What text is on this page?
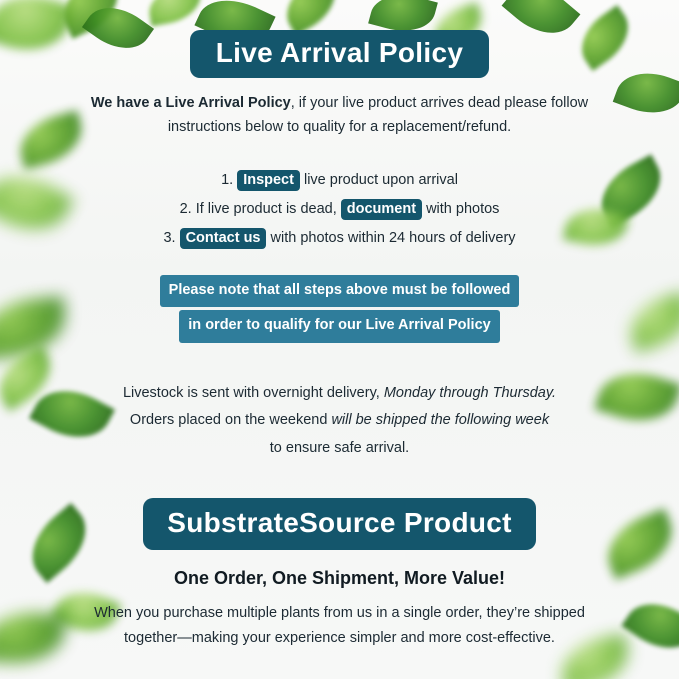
Live Arrival Policy
We have a Live Arrival Policy, if your live product arrives dead please follow
instructions below to quality for a replacement/refund.
1. Inspect live product upon arrival
2. If live product is dead, document with photos
3. Contact us with photos within 24 hours of delivery
Please note that all steps above must be followed
in order to qualify for our Live Arrival Policy
Livestock is sent with overnight delivery, Monday through Thursday.
Orders placed on the weekend will be shipped the following week
to ensure safe arrival.
SubstrateSource Product
One Order, One Shipment, More Value!
When you purchase multiple plants from us in a single order, they’re shipped
together—making your experience simpler and more cost-effective.
